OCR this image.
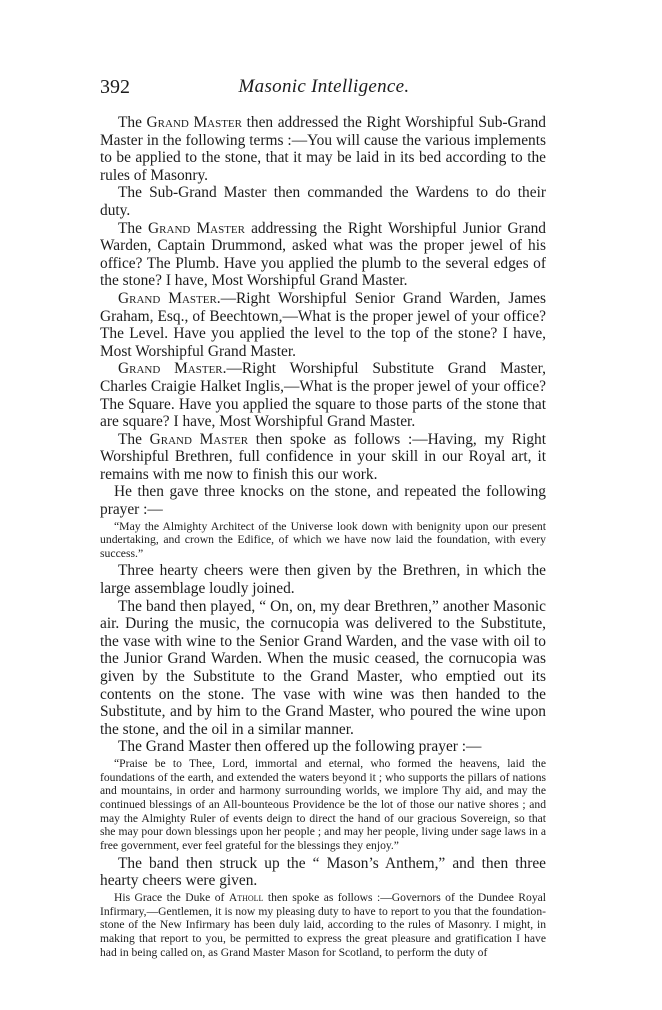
392	Masonic Intelligence.

The Grand Master then addressed the Right Worshipful Sub-Grand Master in the following terms :—You will cause the various implements to be applied to the stone, that it may be laid in its bed according to the rules of Masonry.

The Sub-Grand Master then commanded the Wardens to do their duty.

The Grand Master addressing the Right Worshipful Junior Grand Warden, Captain Drummond, asked what was the proper jewel of his office? The Plumb. Have you applied the plumb to the several edges of the stone? I have, Most Worshipful Grand Master.

Grand Master.—Right Worshipful Senior Grand Warden, James Graham, Esq., of Beechtown,—What is the proper jewel of your office? The Level. Have you applied the level to the top of the stone? I have, Most Worshipful Grand Master.

Grand Master.—Right Worshipful Substitute Grand Master, Charles Craigie Halket Inglis,—What is the proper jewel of your office? The Square. Have you applied the square to those parts of the stone that are square? I have, Most Worshipful Grand Master.

The Grand Master then spoke as follows :—Having, my Right Worshipful Brethren, full confidence in your skill in our Royal art, it remains with me now to finish this our work.

He then gave three knocks on the stone, and repeated the following prayer :—

“May the Almighty Architect of the Universe look down with benignity upon our present undertaking, and crown the Edifice, of which we have now laid the foundation, with every success.”

Three hearty cheers were then given by the Brethren, in which the large assemblage loudly joined.

The band then played, “ On, on, my dear Brethren,” another Masonic air. During the music, the cornucopia was delivered to the Substitute, the vase with wine to the Senior Grand Warden, and the vase with oil to the Junior Grand Warden. When the music ceased, the cornucopia was given by the Substitute to the Grand Master, who emptied out its contents on the stone. The vase with wine was then handed to the Substitute, and by him to the Grand Master, who poured the wine upon the stone, and the oil in a similar manner.

The Grand Master then offered up the following prayer :—

“Praise be to Thee, Lord, immortal and eternal, who formed the heavens, laid the foundations of the earth, and extended the waters beyond it ; who supports the pillars of nations and mountains, in order and harmony surrounding worlds, we implore Thy aid, and may the continued blessings of an All-bounteous Providence be the lot of those our native shores ; and may the Almighty Ruler of events deign to direct the hand of our gracious Sovereign, so that she may pour down blessings upon her people ; and may her people, living under sage laws in a free government, ever feel grateful for the blessings they enjoy.”

The band then struck up the “ Mason’s Anthem,” and then three hearty cheers were given.

His Grace the Duke of Atholl then spoke as follows :—Governors of the Dundee Royal Infirmary,—Gentlemen, it is now my pleasing duty to have to report to you that the foundation-stone of the New Infirmary has been duly laid, according to the rules of Masonry. I might, in making that report to you, be permitted to express the great pleasure and gratification I have had in being called on, as Grand Master Mason for Scotland, to perform the duty of
